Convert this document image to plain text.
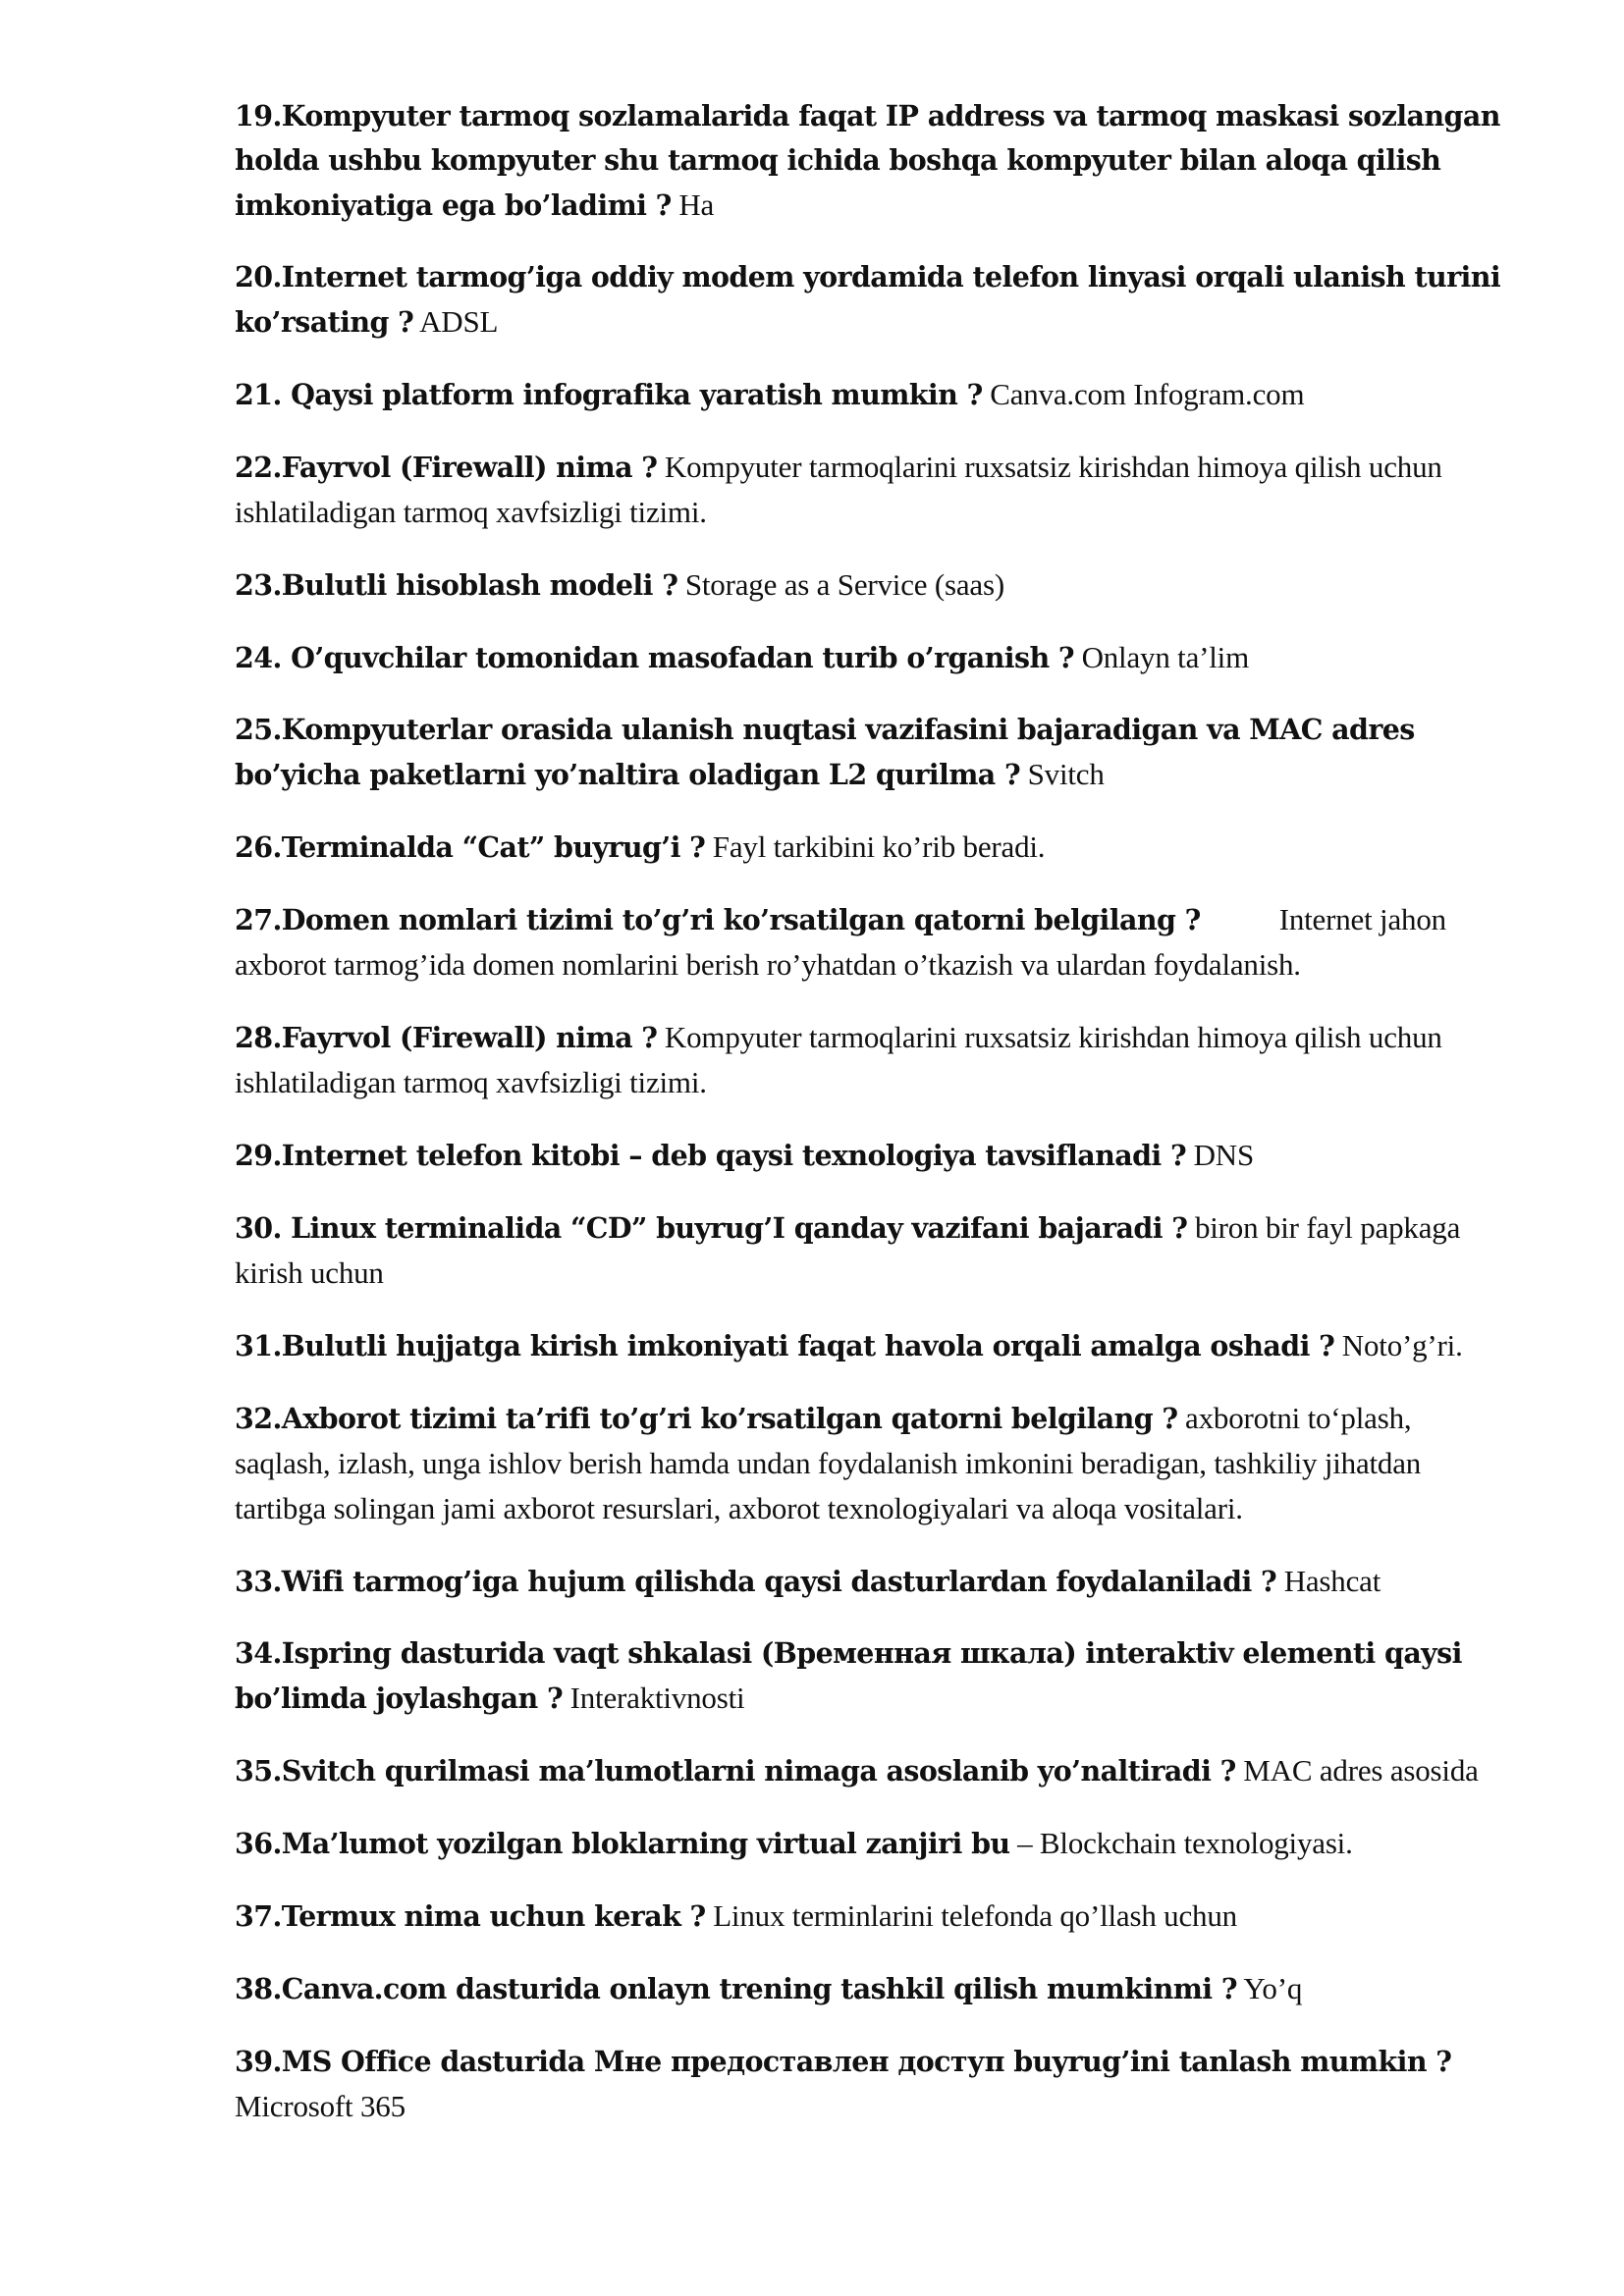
19.Kompyuter tarmoq sozlamalarida faqat IP address va tarmoq maskasi sozlangan holda ushbu kompyuter shu tarmoq ichida boshqa kompyuter bilan aloqa qilish imkoniyatiga ega bo’ladimi ? Ha
20.Internet tarmog’iga oddiy modem yordamida telefon linyasi orqali ulanish turini ko’rsating ? ADSL
21. Qaysi platform infografika yaratish mumkin ? Canva.com Infogram.com
22.Fayrvol (Firewall) nima ? Kompyuter tarmoqlarini ruxsatsiz kirishdan himoya qilish uchun ishlatiladigan tarmoq xavfsizligi tizimi.
23.Bulutli hisoblash modeli ? Storage as a Service (saas)
24. O’quvchilar tomonidan masofadan turib o’rganish ? Onlayn ta’lim
25.Kompyuterlar orasida ulanish nuqtasi vazifasini bajaradigan va MAC adres bo’yicha paketlarni yo’naltira oladigan L2 qurilma ? Svitch
26.Terminalda “Cat” buyrug’i ? Fayl tarkibini ko’rib beradi.
27.Domen nomlari tizimi to’g’ri ko’rsatilgan qatorni belgilang ?	Internet jahon axborot tarmog’ida domen nomlarini berish ro’yhatdan o’tkazish va ulardan foydalanish.
28.Fayrvol (Firewall) nima ? Kompyuter tarmoqlarini ruxsatsiz kirishdan himoya qilish uchun ishlatiladigan tarmoq xavfsizligi tizimi.
29.Internet telefon kitobi – deb qaysi texnologiya tavsiflanadi ? DNS
30. Linux terminalida “CD” buyrug’I qanday vazifani bajaradi ? biron bir fayl papkaga kirish uchun
31.Bulutli hujjatga kirish imkoniyati faqat havola orqali amalga oshadi ? Noto’g’ri.
32.Axborot tizimi ta’rifi to’g’ri ko’rsatilgan qatorni belgilang ? axborotni to‘plash, saqlash, izlash, unga ishlov berish hamda undan foydalanish imkonini beradigan, tashkiliy jihatdan tartibga solingan jami axborot resurslari, axborot texnologiyalari va aloqa vositalari.
33.Wifi tarmog’iga hujum qilishda qaysi dasturlardan foydalaniladi ? Hashcat
34.Ispring dasturida vaqt shkalasi (Временная шкала) interaktiv elementi qaysi bo’limda joylashgan ? Interaktivnosti
35.Svitch qurilmasi ma’lumotlarni nimaga asoslanib yo’naltiradi ? MAC adres asosida
36.Ma’lumot yozilgan bloklarning virtual zanjiri bu – Blockchain texnologiyasi.
37.Termux nima uchun kerak ? Linux terminlarini telefonda qo’llash uchun
38.Canva.com dasturida onlayn trening tashkil qilish mumkinmi ? Yo’q
39.MS Office dasturida Мне предоставлен доступ buyrug’ini tanlash mumkin ? Microsoft 365
